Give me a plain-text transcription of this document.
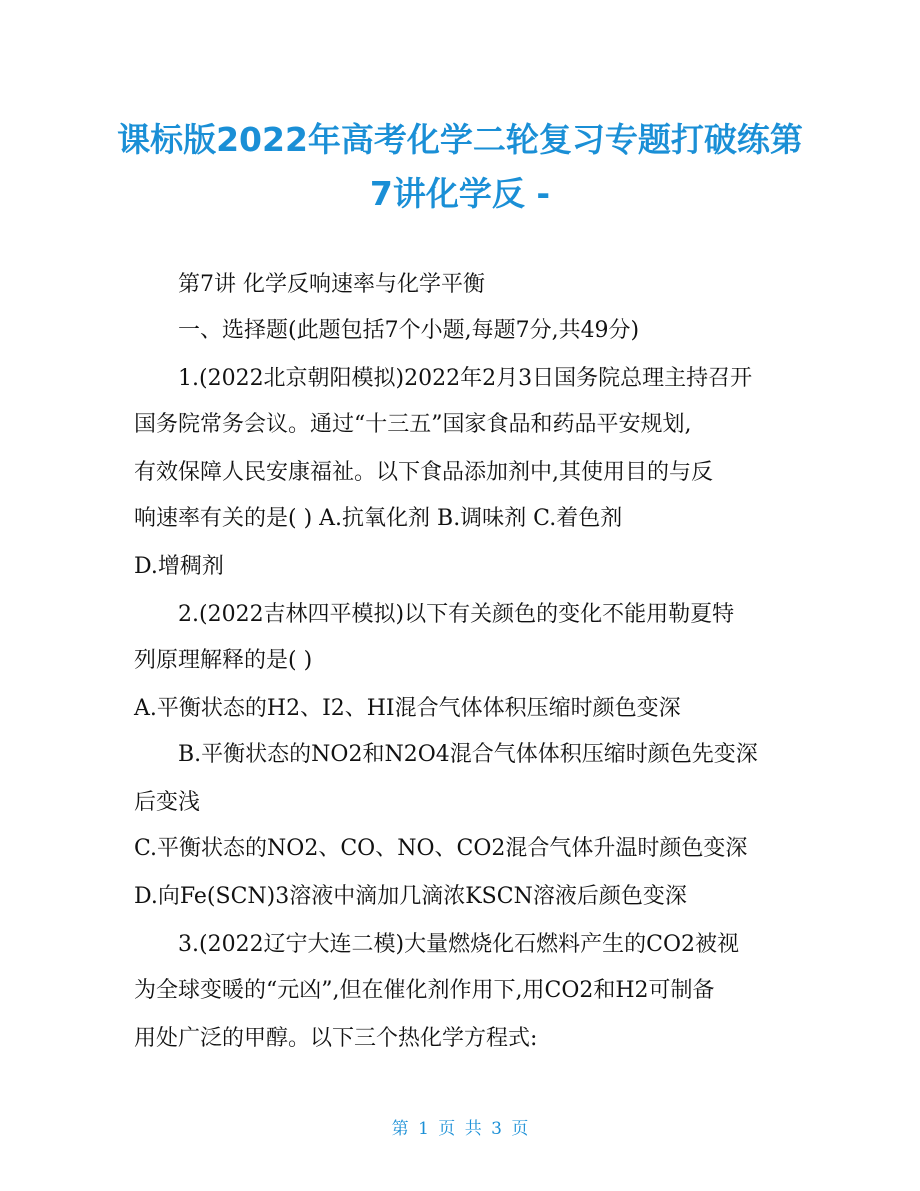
课标版2022年高考化学二轮复习专题打破练第
7讲化学反 -
第7讲 化学反响速率与化学平衡
一、选择题(此题包括7个小题,每题7分,共49分)
1.(2022北京朝阳模拟)2022年2月3日国务院总理主持召开
国务院常务会议。通过“十三五”国家食品和药品平安规划,
有效保障人民安康福祉。以下食品添加剂中,其使用目的与反
响速率有关的是( ) A.抗氧化剂 B.调味剂 C.着色剂
D.增稠剂
2.(2022吉林四平模拟)以下有关颜色的变化不能用勒夏特
列原理解释的是( )
A.平衡状态的H2、I2、HI混合气体体积压缩时颜色变深
B.平衡状态的NO2和N2O4混合气体体积压缩时颜色先变深
后变浅
C.平衡状态的NO2、CO、NO、CO2混合气体升温时颜色变深
D.向Fe(SCN)3溶液中滴加几滴浓KSCN溶液后颜色变深
3.(2022辽宁大连二模)大量燃烧化石燃料产生的CO2被视
为全球变暖的“元凶”,但在催化剂作用下,用CO2和H2可制备
用处广泛的甲醇。以下三个热化学方程式:
第 1 页 共 3 页
